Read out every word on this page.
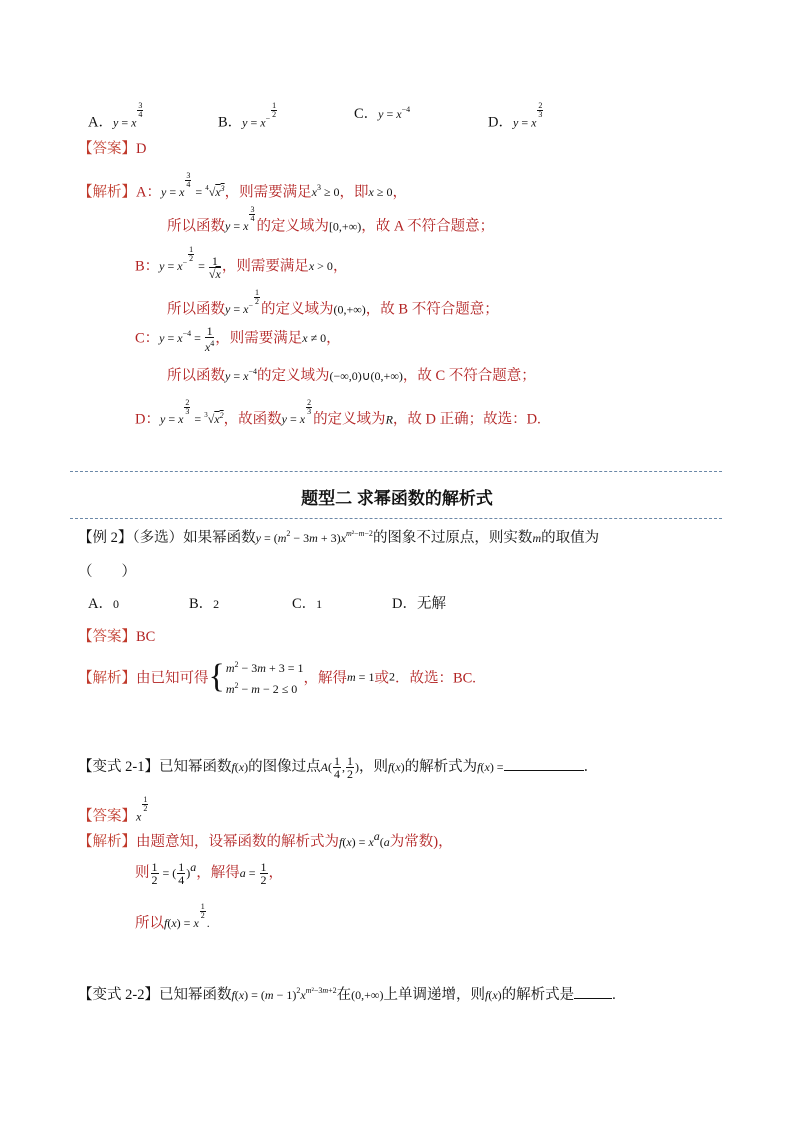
A．y = x
$^{\frac{3}{4}}$
B．$y = x^{- \frac{1}{2}}$	C．$y = x^{-4}$
D．y = x
$^{\frac{2}{3}}$
【答案】D
【解析】A：y = x
$^{\frac{3}{4}}$
= $^4√x^3$，则需要满足$x^3 \ge 0$，即x ≥ 0，
所以函数y = x
$^{\frac{3}{4}}$
的定义域为[0,+∞)，故 A 不符合题意；
B：$y = x^{- \frac{1}{2}}$
= $\frac{1}{√x}$ ，则需要满足x > 0，
所以函数$y = x^{- \frac{1}{2}}$
的定义域为(0,+∞)，故 B 不符合题意；
C：$y = x^{-4} = \frac{1}{x^4}$ ，则需要满足x ≠ 0，
所以函数$y = x^{-4}$的定义域为(−∞,0)∪(0,+∞)，故 C 不符合题意；
D：y = x
$^{\frac{2}{3}}$
= $^3√x^2$，故函数y = x
$^{\frac{2}{3}}$
的定义域为R，故 D 正确；故选：D.
题型二 求幂函数的解析式
【例 2】（多选）如果幂函数$y = (m^2 - 3m + 3)x^{m^2-m-2}$的图象不过原点，则实数m的取值为
（　　）
A．0	B．2	C．1	D．无解
【答案】BC
【解析】由已知可得{$m^2 - 3m + 3 = 1$
$m^2 - m - 2 \le 0$，解得m = 1或2．故选：BC.
【变式 2-1】已知幂函数f(x)的图像过点$A( \frac{1}{4}$ , $\frac{1}{2}$ )，则f(x)的解析式为f(x) =	．
【答案】x
$^{\frac{1}{2}}$
【解析】由题意知，设幂函数的解析式为$f(x) = x^a(a$为常数)，
则 $\frac{1}{2}$ = ( $\frac{1}{4} )^a$，解得$a = \frac{1}{2}$ ，
所以f(x) = x
$^{\frac{1}{2}}$
.
【变式 2-2】已知幂函数$f(x) = (m - 1)^2x^{m^2-3m+2}$在(0,+∞)上单调递增，则f(x)的解析式是	.
